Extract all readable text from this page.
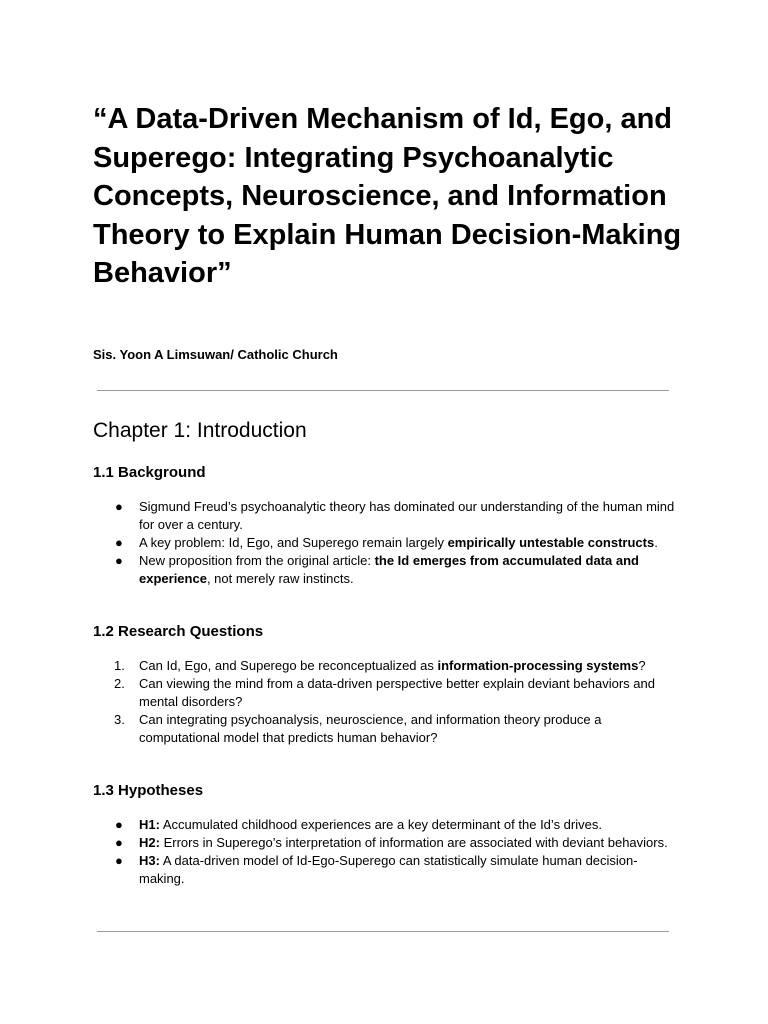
“A Data-Driven Mechanism of Id, Ego, and Superego: Integrating Psychoanalytic Concepts, Neuroscience, and Information Theory to Explain Human Decision-Making Behavior”

Sis. Yoon A Limsuwan/ Catholic Church

Chapter 1: Introduction
1.1 Background
● Sigmund Freud’s psychoanalytic theory has dominated our understanding of the human mind for over a century.
● A key problem: Id, Ego, and Superego remain largely empirically untestable constructs.
● New proposition from the original article: the Id emerges from accumulated data and experience, not merely raw instincts.
1.2 Research Questions
1. Can Id, Ego, and Superego be reconceptualized as information-processing systems?
2. Can viewing the mind from a data-driven perspective better explain deviant behaviors and mental disorders?
3. Can integrating psychoanalysis, neuroscience, and information theory produce a computational model that predicts human behavior?
1.3 Hypotheses
● H1: Accumulated childhood experiences are a key determinant of the Id’s drives.
● H2: Errors in Superego’s interpretation of information are associated with deviant behaviors.
● H3: A data-driven model of Id-Ego-Superego can statistically simulate human decision-making.
